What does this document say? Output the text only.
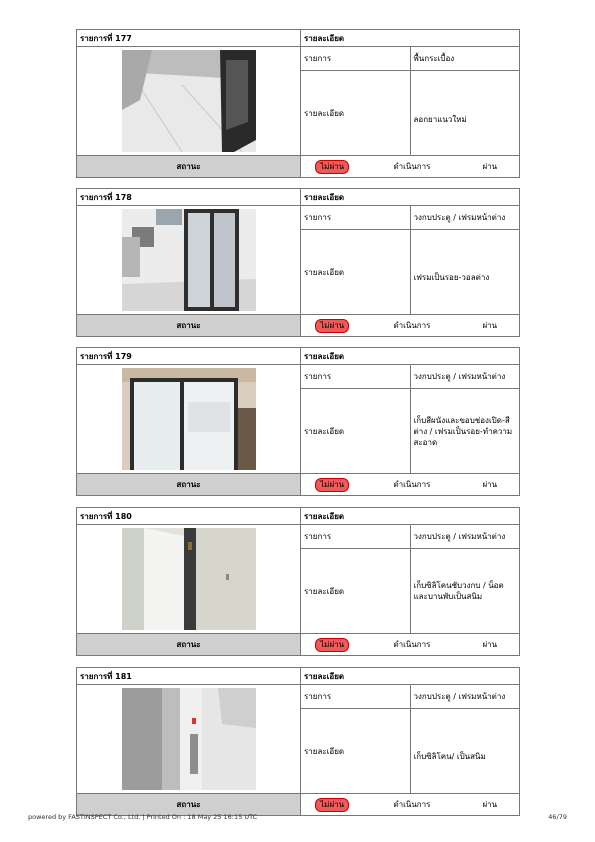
รายการที่ 177	รายละเอียด	

	รายการ	พื้นกระเบื้อง
	รายละเอียด	ลอกยาแนวใหม่
สถานะ	ไม่ผ่าน ดำเนินการ ผ่าน	
รายการที่ 178	รายละเอียด	

	รายการ	วงกบประตู / เฟรมหน้าต่าง
	รายละเอียด	เฟรมเป็นรอย-วอลต่าง
สถานะ	ไม่ผ่าน ดำเนินการ ผ่าน	
รายการที่ 179	รายละเอียด	

	รายการ	วงกบประตู / เฟรมหน้าต่าง
	รายละเอียด	เก็บสีผนังและขอบช่องเปิด-สีต่าง / เฟรมเป็นรอย-ทำความสะอาด
สถานะ	ไม่ผ่าน ดำเนินการ ผ่าน	
รายการที่ 180	รายละเอียด	

	รายการ	วงกบประตู / เฟรมหน้าต่าง
	รายละเอียด	เก็บซิลิโคนชับวงกบ / น็อตและบานพับเป็นสนิม
สถานะ	ไม่ผ่าน ดำเนินการ ผ่าน	
รายการที่ 181	รายละเอียด	

	รายการ	วงกบประตู / เฟรมหน้าต่าง
	รายละเอียด	เก็บซิลิโคน/ เป็นสนิม
สถานะ	ไม่ผ่าน ดำเนินการ ผ่าน	
powered by FASTINSPECT Co., Ltd. | Printed On : 18 May 25 16:15 UTC	46/79
